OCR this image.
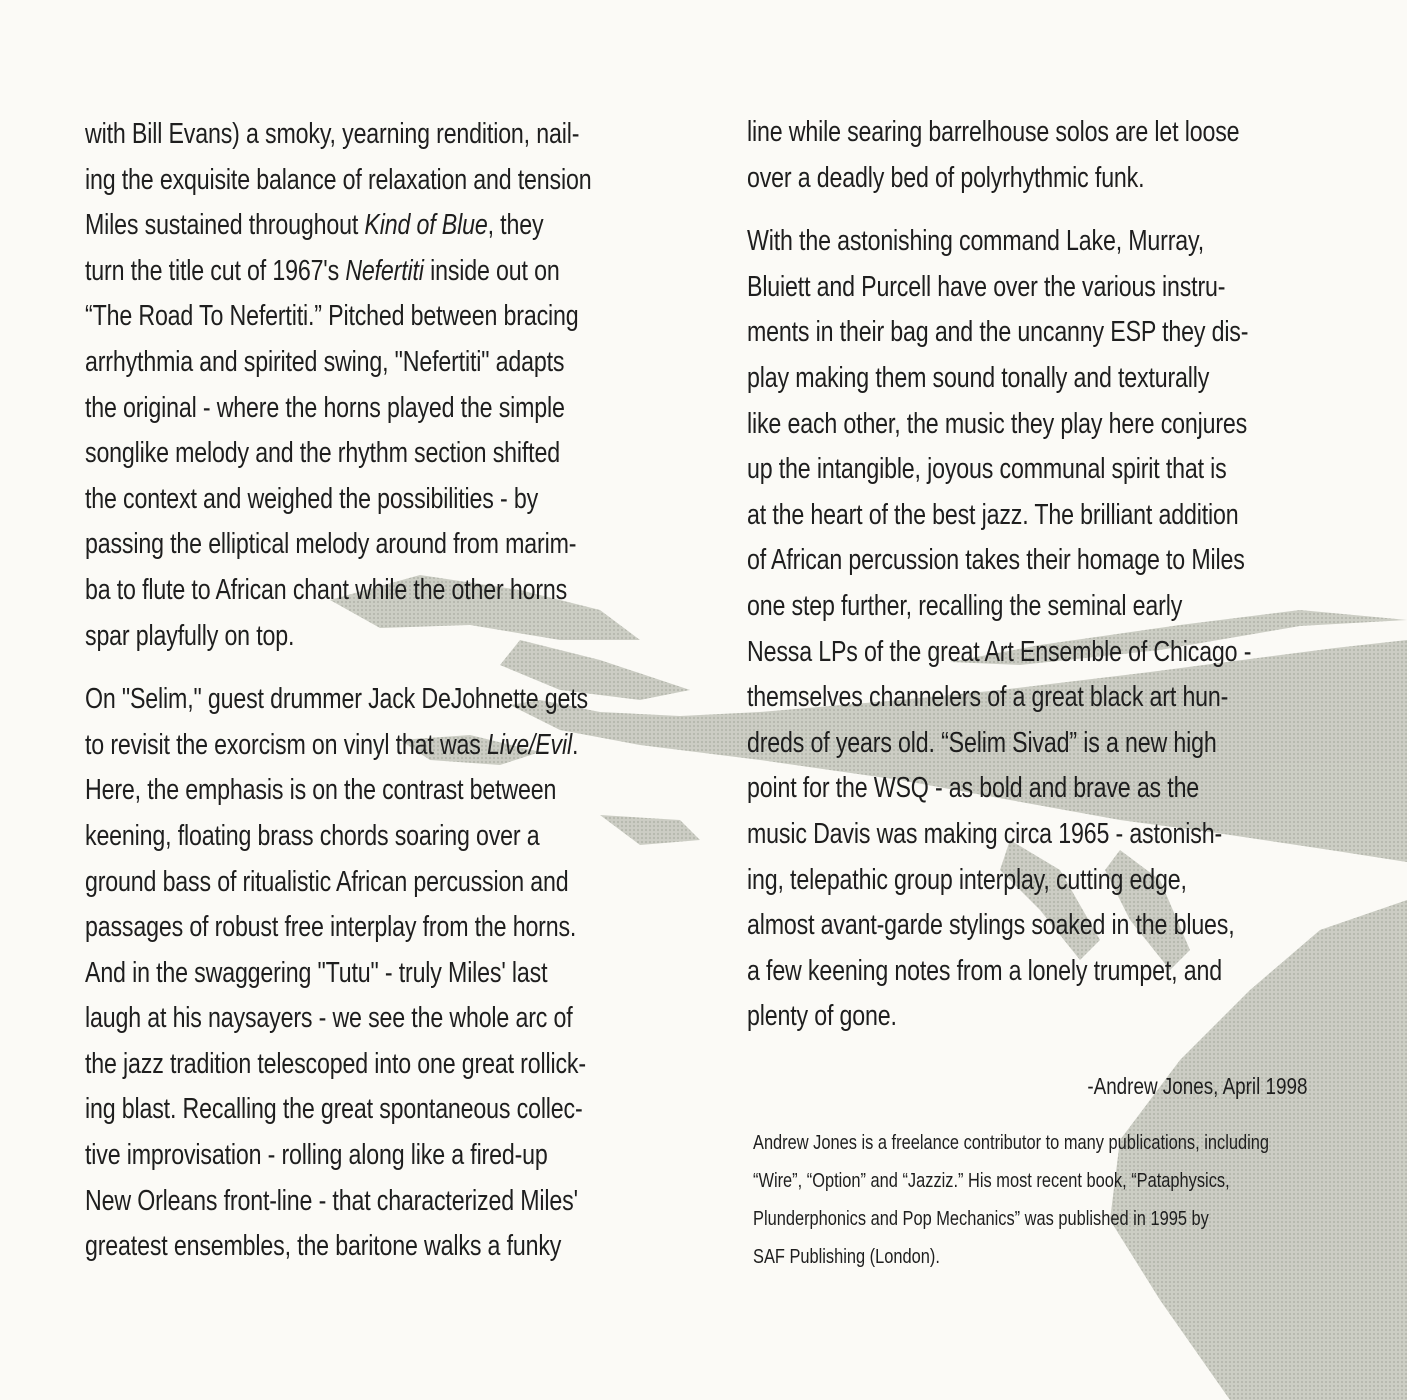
with Bill Evans) a smoky, yearning rendition, nail-
ing the exquisite balance of relaxation and tension
Miles sustained throughout Kind of Blue, they
turn the title cut of 1967's Nefertiti inside out on
“The Road To Nefertiti.” Pitched between bracing
arrhythmia and spirited swing, "Nefertiti" adapts
the original - where the horns played the simple
songlike melody and the rhythm section shifted
the context and weighed the possibilities - by
passing the elliptical melody around from marim-
ba to flute to African chant while the other horns
spar playfully on top.
On "Selim," guest drummer Jack DeJohnette gets
to revisit the exorcism on vinyl that was Live/Evil.
Here, the emphasis is on the contrast between
keening, floating brass chords soaring over a
ground bass of ritualistic African percussion and
passages of robust free interplay from the horns.
And in the swaggering "Tutu" - truly Miles' last
laugh at his naysayers - we see the whole arc of
the jazz tradition telescoped into one great rollick-
ing blast. Recalling the great spontaneous collec-
tive improvisation - rolling along like a fired-up
New Orleans front-line - that characterized Miles'
greatest ensembles, the baritone walks a funky
line while searing barrelhouse solos are let loose
over a deadly bed of polyrhythmic funk.
With the astonishing command Lake, Murray,
Bluiett and Purcell have over the various instru-
ments in their bag and the uncanny ESP they dis-
play making them sound tonally and texturally
like each other, the music they play here conjures
up the intangible, joyous communal spirit that is
at the heart of the best jazz. The brilliant addition
of African percussion takes their homage to Miles
one step further, recalling the seminal early
Nessa LPs of the great Art Ensemble of Chicago -
themselves channelers of a great black art hun-
dreds of years old. “Selim Sivad” is a new high
point for the WSQ - as bold and brave as the
music Davis was making circa 1965 - astonish-
ing, telepathic group interplay, cutting edge,
almost avant-garde stylings soaked in the blues,
a few keening notes from a lonely trumpet, and
plenty of gone.
-Andrew Jones, April 1998
Andrew Jones is a freelance contributor to many publications, including
“Wire”, “Option” and “Jazziz.” His most recent book, “Pataphysics,
Plunderphonics and Pop Mechanics” was published in 1995 by
SAF Publishing (London).
